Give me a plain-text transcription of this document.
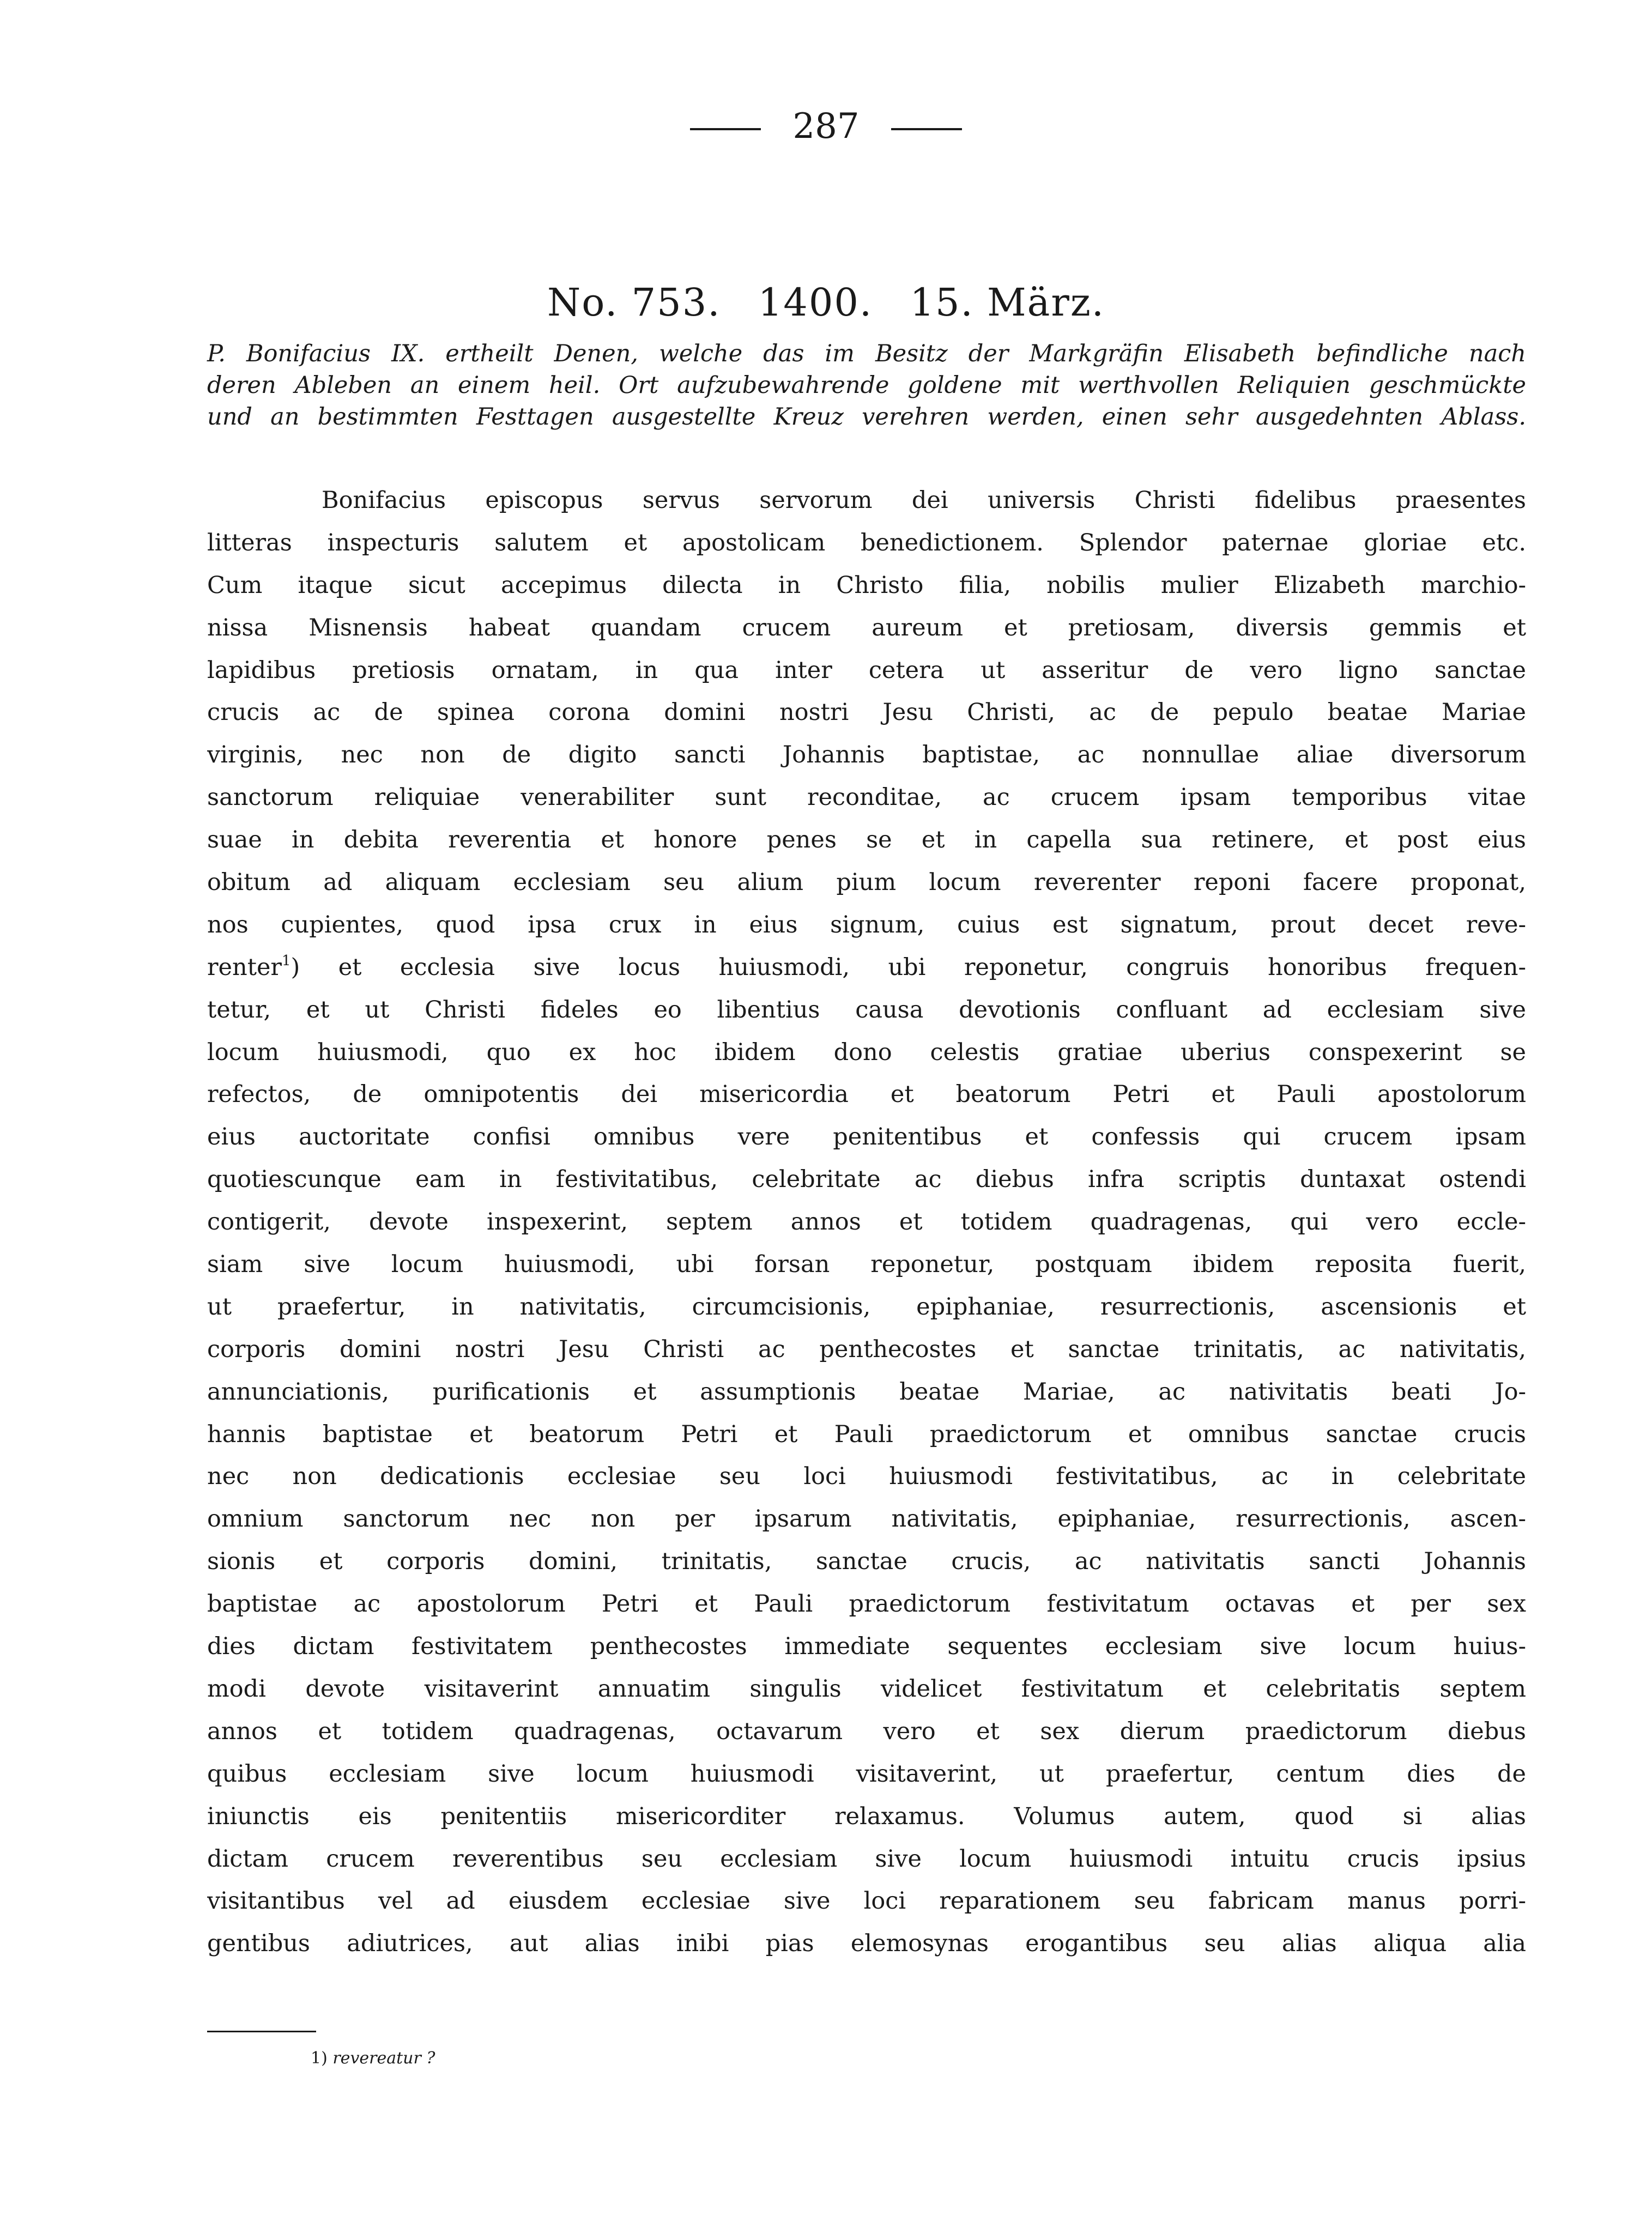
287
No. 753. 1400. 15. März.
P. Bonifacius IX. ertheilt Denen, welche das im Besitz der Markgräfin Elisabeth befindliche nach
deren Ableben an einem heil. Ort aufzubewahrende goldene mit werthvollen Reliquien geschmückte
und an bestimmten Festtagen ausgestellte Kreuz verehren werden, einen sehr ausgedehnten Ablass.
Bonifacius episcopus servus servorum dei universis Christi fidelibus praesentes
litteras inspecturis salutem et apostolicam benedictionem. Splendor paternae gloriae etc.
Cum itaque sicut accepimus dilecta in Christo filia, nobilis mulier Elizabeth marchio-
nissa Misnensis habeat quandam crucem aureum et pretiosam, diversis gemmis et
lapidibus pretiosis ornatam, in qua inter cetera ut asseritur de vero ligno sanctae
crucis ac de spinea corona domini nostri Jesu Christi, ac de pepulo beatae Mariae
virginis, nec non de digito sancti Johannis baptistae, ac nonnullae aliae diversorum
sanctorum reliquiae venerabiliter sunt reconditae, ac crucem ipsam temporibus vitae
suae in debita reverentia et honore penes se et in capella sua retinere, et post eius
obitum ad aliquam ecclesiam seu alium pium locum reverenter reponi facere proponat,
nos cupientes, quod ipsa crux in eius signum, cuius est signatum, prout decet reve-
renter$^1$) et ecclesia sive locus huiusmodi, ubi reponetur, congruis honoribus frequen-
tetur, et ut Christi fideles eo libentius causa devotionis confluant ad ecclesiam sive
locum huiusmodi, quo ex hoc ibidem dono celestis gratiae uberius conspexerint se
refectos, de omnipotentis dei misericordia et beatorum Petri et Pauli apostolorum
eius auctoritate confisi omnibus vere penitentibus et confessis qui crucem ipsam
quotiescunque eam in festivitatibus, celebritate ac diebus infra scriptis duntaxat ostendi
contigerit, devote inspexerint, septem annos et totidem quadragenas, qui vero eccle-
siam sive locum huiusmodi, ubi forsan reponetur, postquam ibidem reposita fuerit,
ut praefertur, in nativitatis, circumcisionis, epiphaniae, resurrectionis, ascensionis et
corporis domini nostri Jesu Christi ac penthecostes et sanctae trinitatis, ac nativitatis,
annunciationis, purificationis et assumptionis beatae Mariae, ac nativitatis beati Jo-
hannis baptistae et beatorum Petri et Pauli praedictorum et omnibus sanctae crucis
nec non dedicationis ecclesiae seu loci huiusmodi festivitatibus, ac in celebritate
omnium sanctorum nec non per ipsarum nativitatis, epiphaniae, resurrectionis, ascen-
sionis et corporis domini, trinitatis, sanctae crucis, ac nativitatis sancti Johannis
baptistae ac apostolorum Petri et Pauli praedictorum festivitatum octavas et per sex
dies dictam festivitatem penthecostes immediate sequentes ecclesiam sive locum huius-
modi devote visitaverint annuatim singulis videlicet festivitatum et celebritatis septem
annos et totidem quadragenas, octavarum vero et sex dierum praedictorum diebus
quibus ecclesiam sive locum huiusmodi visitaverint, ut praefertur, centum dies de
iniunctis eis penitentiis misericorditer relaxamus. Volumus autem, quod si alias
dictam crucem reverentibus seu ecclesiam sive locum huiusmodi intuitu crucis ipsius
visitantibus vel ad eiusdem ecclesiae sive loci reparationem seu fabricam manus porri-
gentibus adiutrices, aut alias inibi pias elemosynas erogantibus seu alias aliqua alia
1) revereatur ?
